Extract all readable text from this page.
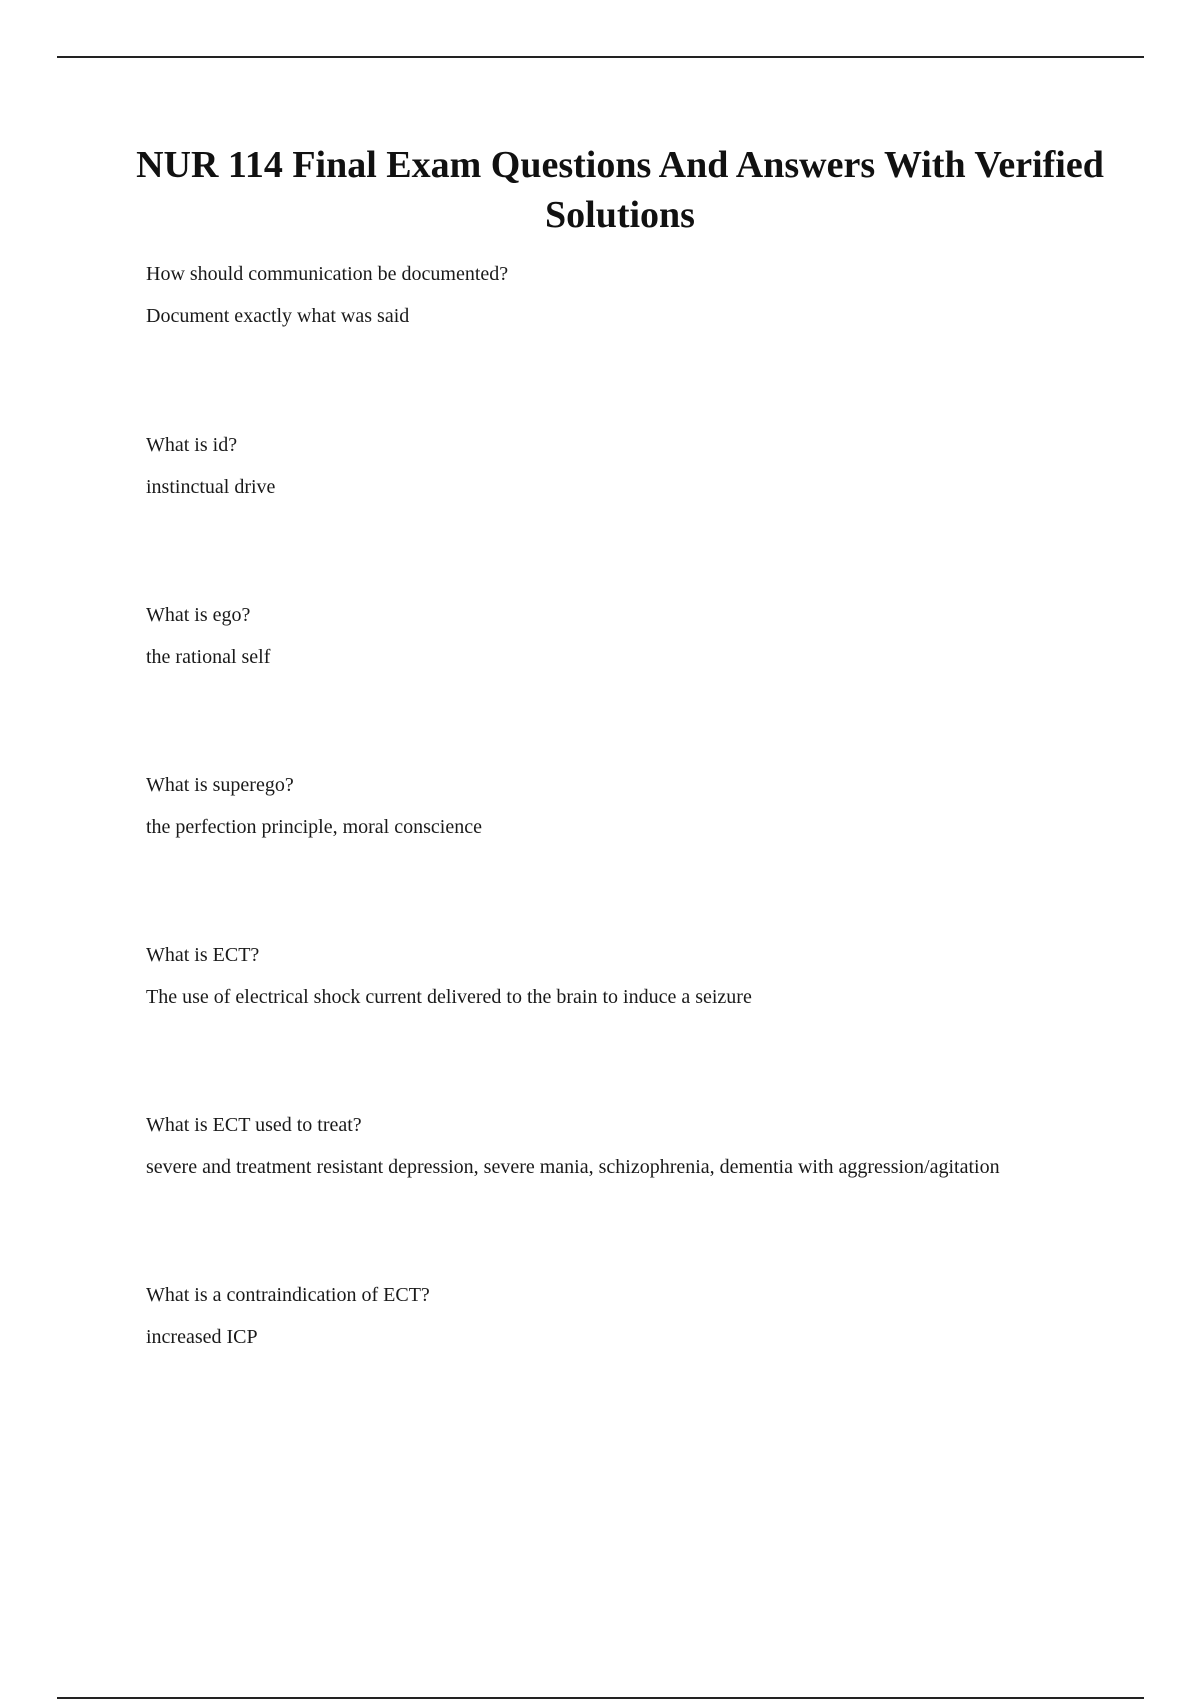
NUR 114 Final Exam Questions And Answers With Verified Solutions

How should communication be documented?

Document exactly what was said

What is id?

instinctual drive

What is ego?

the rational self

What is superego?

the perfection principle, moral conscience

What is ECT?

The use of electrical shock current delivered to the brain to induce a seizure

What is ECT used to treat?

severe and treatment resistant depression, severe mania, schizophrenia, dementia with aggression/agitation

What is a contraindication of ECT?

increased ICP
